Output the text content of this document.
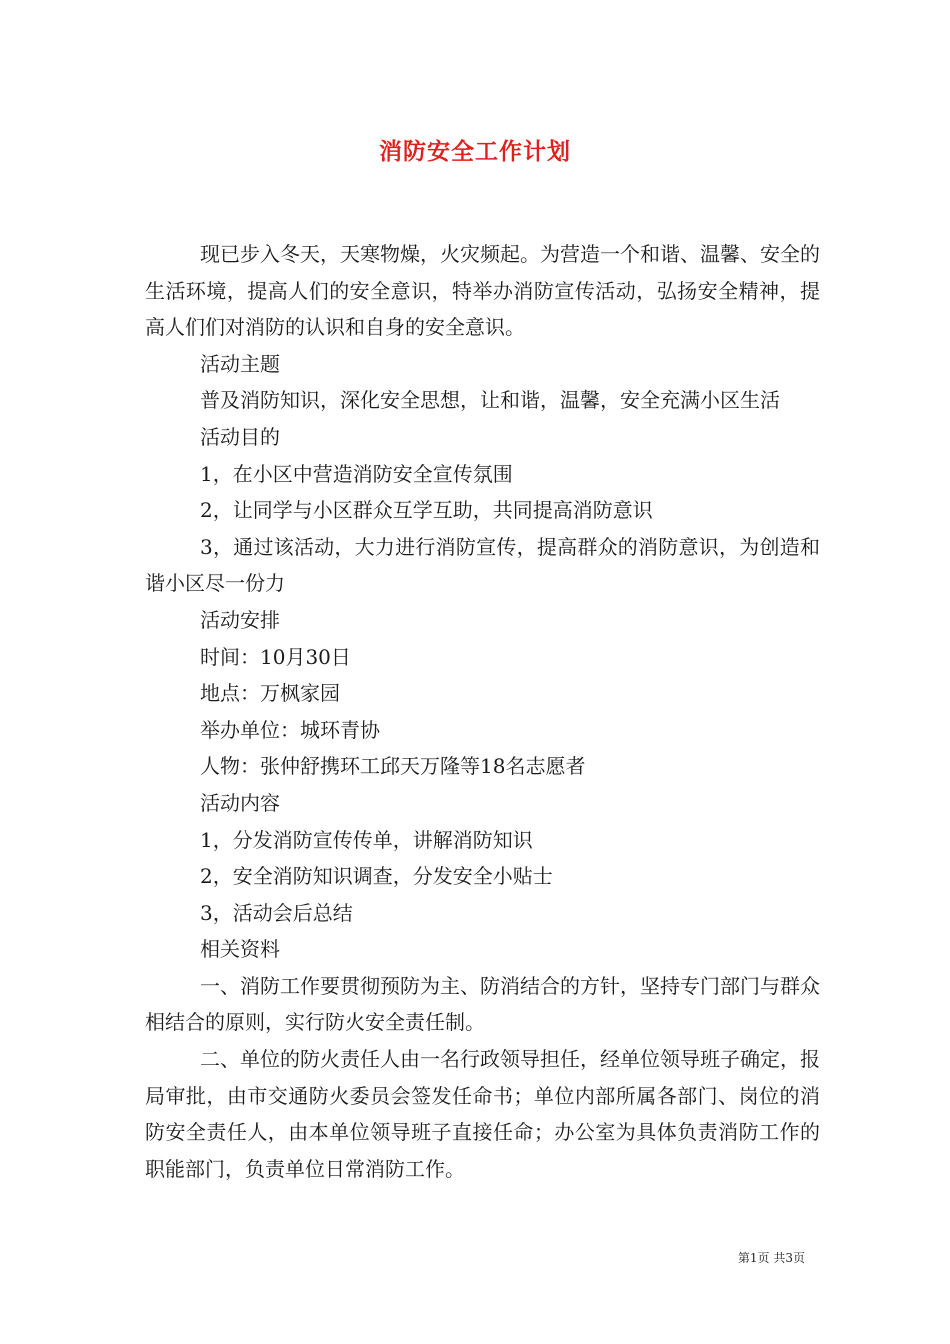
消防安全工作计划

现已步入冬天，天寒物燥，火灾频起。为营造一个和谐、温馨、安全的生活环境，提高人们的安全意识，特举办消防宣传活动，弘扬安全精神，提高人们们对消防的认识和自身的安全意识。

活动主题

普及消防知识，深化安全思想，让和谐，温馨，安全充满小区生活

活动目的

1，在小区中营造消防安全宣传氛围

2，让同学与小区群众互学互助，共同提高消防意识

3，通过该活动，大力进行消防宣传，提高群众的消防意识，为创造和谐小区尽一份力

活动安排

时间：10月30日

地点：万枫家园

举办单位：城环青协

人物：张仲舒携环工邱天万隆等18名志愿者

活动内容

1，分发消防宣传传单，讲解消防知识

2，安全消防知识调查，分发安全小贴士

3，活动会后总结

相关资料

一、消防工作要贯彻预防为主、防消结合的方针，坚持专门部门与群众相结合的原则，实行防火安全责任制。

二、单位的防火责任人由一名行政领导担任，经单位领导班子确定，报局审批，由市交通防火委员会签发任命书；单位内部所属各部门、岗位的消防安全责任人，由本单位领导班子直接任命；办公室为具体负责消防工作的职能部门，负责单位日常消防工作。

第1页 共3页
